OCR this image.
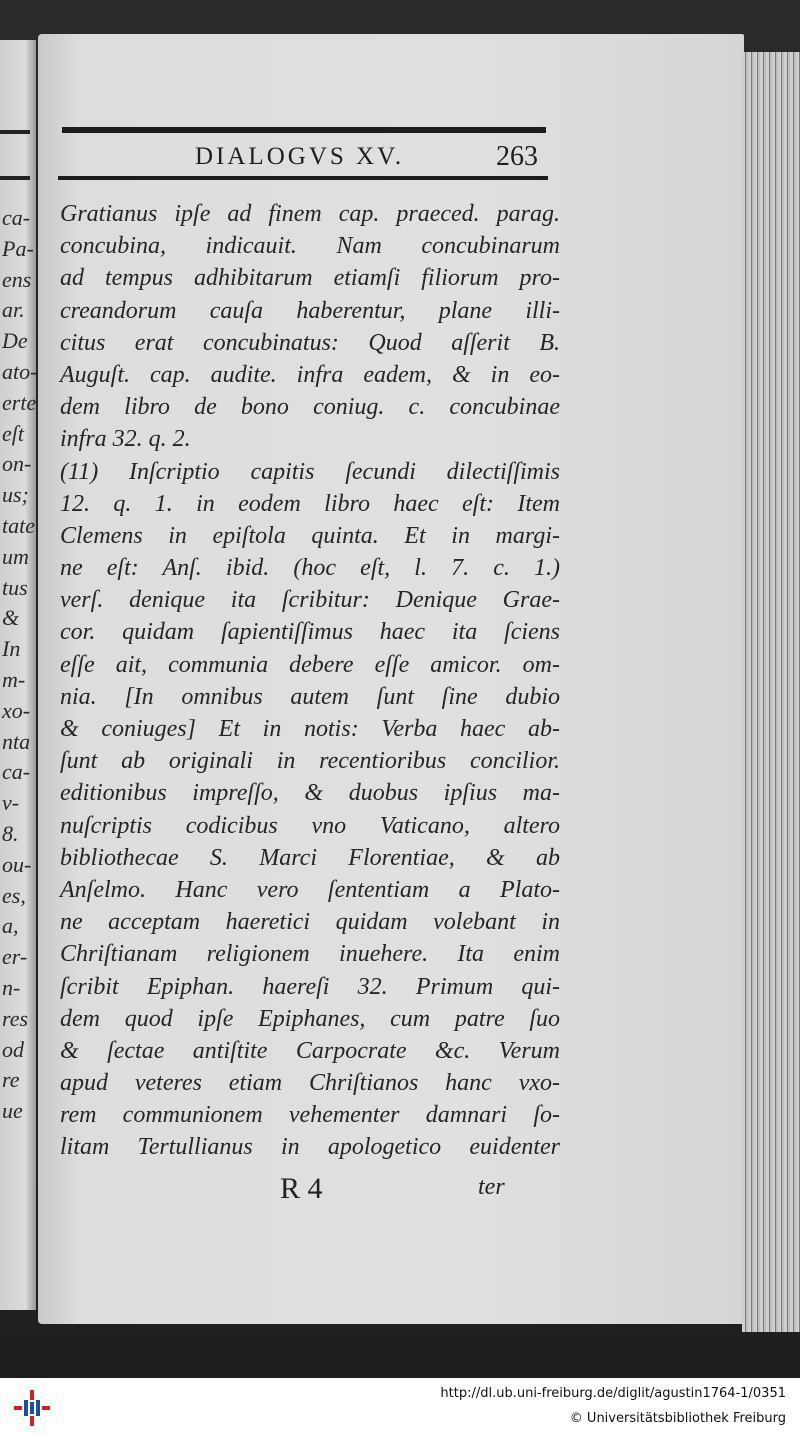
DIALOGVS XV.	263
Gratianus ipſe ad finem cap. praeced. parag.
concubina, indicauit. Nam concubinarum
ad tempus adhibitarum etiamſi filiorum pro-
creandorum cauſa haberentur, plane illi-
citus erat concubinatus: Quod aſſerit B.
Auguſt. cap. audite. infra eadem, & in eo-
dem libro de bono coniug. c. concubinae
infra 32. q. 2.
(11) Inſcriptio capitis ſecundi dilectiſſimis
12. q. 1. in eodem libro haec eſt: Item
Clemens in epiſtola quinta. Et in margi-
ne eſt: Anſ. ibid. (hoc eſt, l. 7. c. 1.)
verſ. denique ita ſcribitur: Denique Grae-
cor. quidam ſapientiſſimus haec ita ſciens
eſſe ait, communia debere eſſe amicor. om-
nia. [In omnibus autem ſunt ſine dubio
& coniuges] Et in notis: Verba haec ab-
ſunt ab originali in recentioribus concilior.
editionibus impreſſo, & duobus ipſius ma-
nuſcriptis codicibus vno Vaticano, altero
bibliothecae S. Marci Florentiae, & ab
Anſelmo. Hanc vero ſententiam a Plato-
ne acceptam haeretici quidam volebant in
Chriſtianam religionem inuehere. Ita enim
ſcribit Epiphan. haereſi 32. Primum qui-
dem quod ipſe Epiphanes, cum patre ſuo
& ſectae antiſtite Carpocrate &c. Verum
apud veteres etiam Chriſtianos hanc vxo-
rem communionem vehementer damnari ſo-
litam Tertullianus in apologetico euidenter
R 4	ter
ca-
Pa-
ens
ar.
De
ato-
erte
eſt
on-
us;
tate
um
tus
&
In
m-
xo-
nta
ca-
v-
8.
ou-
es,
a,
er-
n-
res
od
re
ue
http://dl.ub.uni-freiburg.de/diglit/agustin1764-1/0351
© Universitätsbibliothek Freiburg
